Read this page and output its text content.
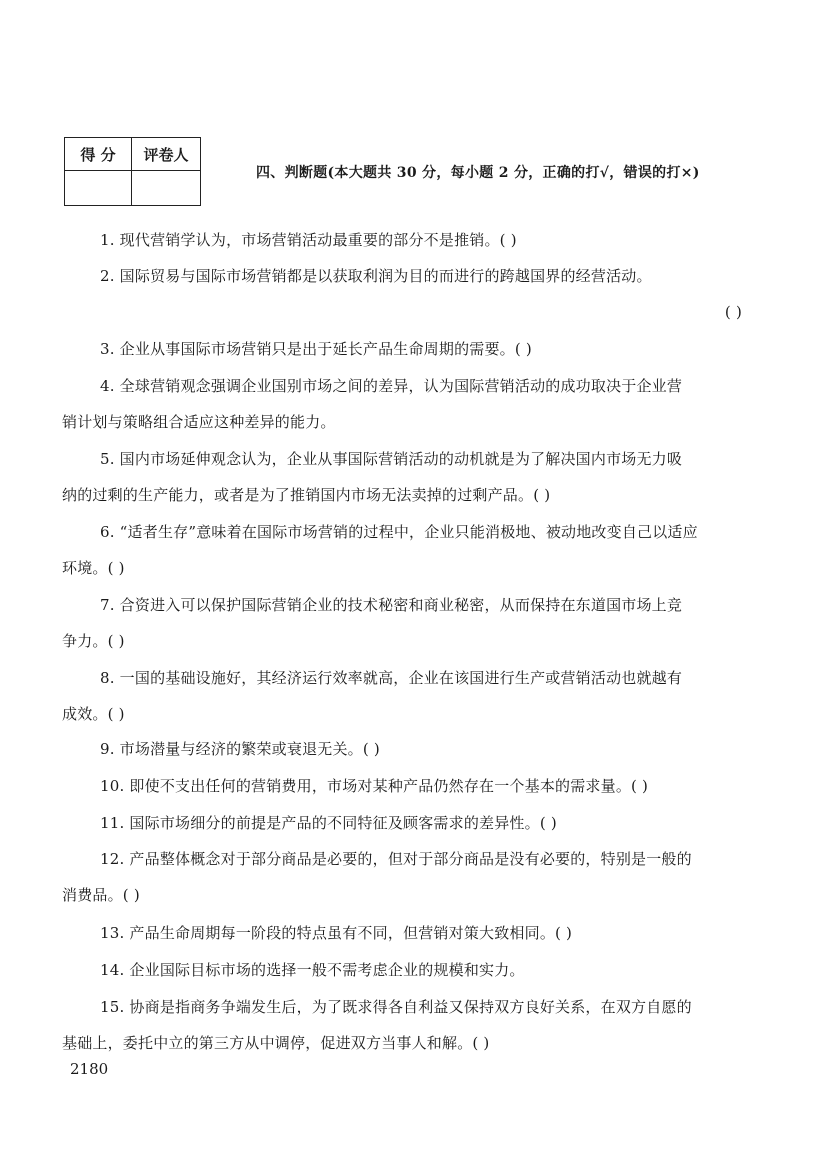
得 分	评卷人

四、判断题(本大题共 30 分，每小题 2 分，正确的打√，错误的打×)
1. 现代营销学认为，市场营销活动最重要的部分不是推销。( )
2. 国际贸易与国际市场营销都是以获取利润为目的而进行的跨越国界的经营活动。
( )
3. 企业从事国际市场营销只是出于延长产品生命周期的需要。( )
4. 全球营销观念强调企业国别市场之间的差异，认为国际营销活动的成功取决于企业营
销计划与策略组合适应这种差异的能力。
5. 国内市场延伸观念认为，企业从事国际营销活动的动机就是为了解决国内市场无力吸
纳的过剩的生产能力，或者是为了推销国内市场无法卖掉的过剩产品。( )
6. “适者生存”意味着在国际市场营销的过程中，企业只能消极地、被动地改变自己以适应
环境。( )
7. 合资进入可以保护国际营销企业的技术秘密和商业秘密，从而保持在东道国市场上竞
争力。( )
8. 一国的基础设施好，其经济运行效率就高，企业在该国进行生产或营销活动也就越有
成效。( )
9. 市场潜量与经济的繁荣或衰退无关。( )
10. 即使不支出任何的营销费用，市场对某种产品仍然存在一个基本的需求量。( )
11. 国际市场细分的前提是产品的不同特征及顾客需求的差异性。( )
12. 产品整体概念对于部分商品是必要的，但对于部分商品是没有必要的，特别是一般的
消费品。( )
13. 产品生命周期每一阶段的特点虽有不同，但营销对策大致相同。( )
14. 企业国际目标市场的选择一般不需考虑企业的规模和实力。
15. 协商是指商务争端发生后，为了既求得各自利益又保持双方良好关系，在双方自愿的
基础上，委托中立的第三方从中调停，促进双方当事人和解。( )
2180
